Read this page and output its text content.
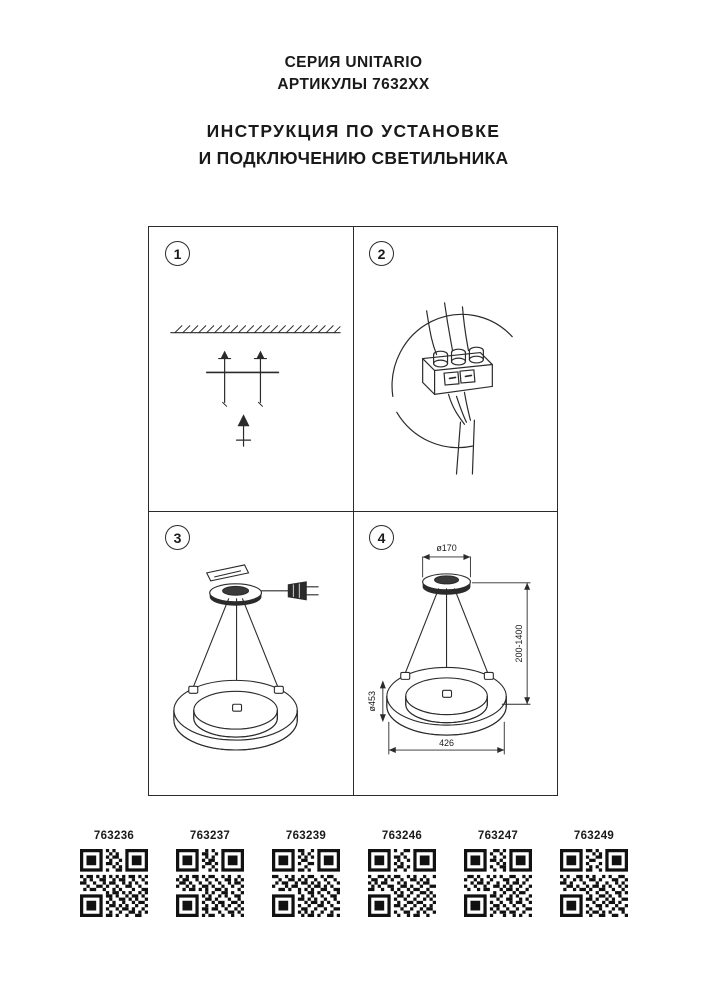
СЕРИЯ UNITARIO

АРТИКУЛЫ 7632XX

ИНСТРУКЦИЯ ПО УСТАНОВКЕ
И ПОДКЛЮЧЕНИЮ СВЕТИЛЬНИКА
1	2
3	4
ø170
200-1400
ø453
426
763236	763237	763239	763246	763247	763249
